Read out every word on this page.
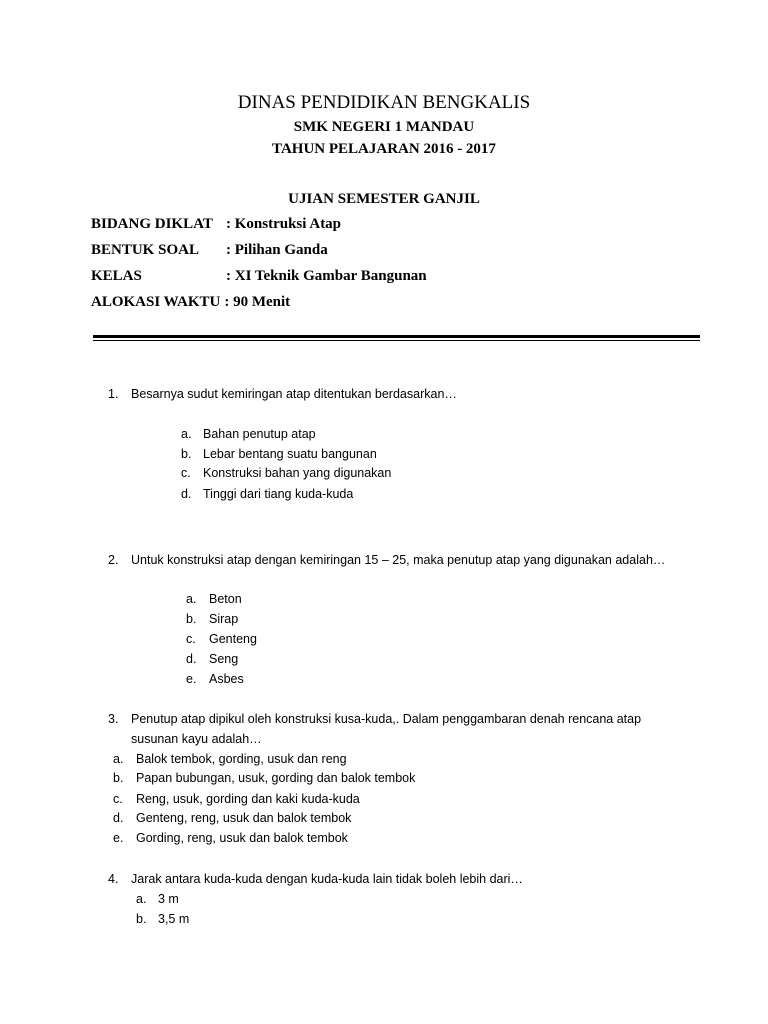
DINAS PENDIDIKAN BENGKALIS
SMK NEGERI 1 MANDAU
TAHUN PELAJARAN 2016 - 2017
UJIAN SEMESTER GANJIL
BIDANG DIKLAT : Konstruksi Atap
BENTUK SOAL : Pilihan Ganda
KELAS	: XI Teknik Gambar Bangunan
ALOKASI WAKTU : 90 Menit
1. Besarnya sudut kemiringan atap ditentukan berdasarkan…
a. Bahan penutup atap
b. Lebar bentang suatu bangunan
c. Konstruksi bahan yang digunakan
d. Tinggi dari tiang kuda-kuda
2. Untuk konstruksi atap dengan kemiringan 15 – 25, maka penutup atap yang digunakan adalah…
a. Beton
b. Sirap
c. Genteng
d. Seng
e. Asbes
3. Penutup atap dipikul oleh konstruksi kusa-kuda,. Dalam penggambaran denah rencana atap
susunan kayu adalah…
a. Balok tembok, gording, usuk dan reng
b. Papan bubungan, usuk, gording dan balok tembok
c. Reng, usuk, gording dan kaki kuda-kuda
d. Genteng, reng, usuk dan balok tembok
e. Gording, reng, usuk dan balok tembok
4. Jarak antara kuda-kuda dengan kuda-kuda lain tidak boleh lebih dari…
a. 3 m
b. 3,5 m
